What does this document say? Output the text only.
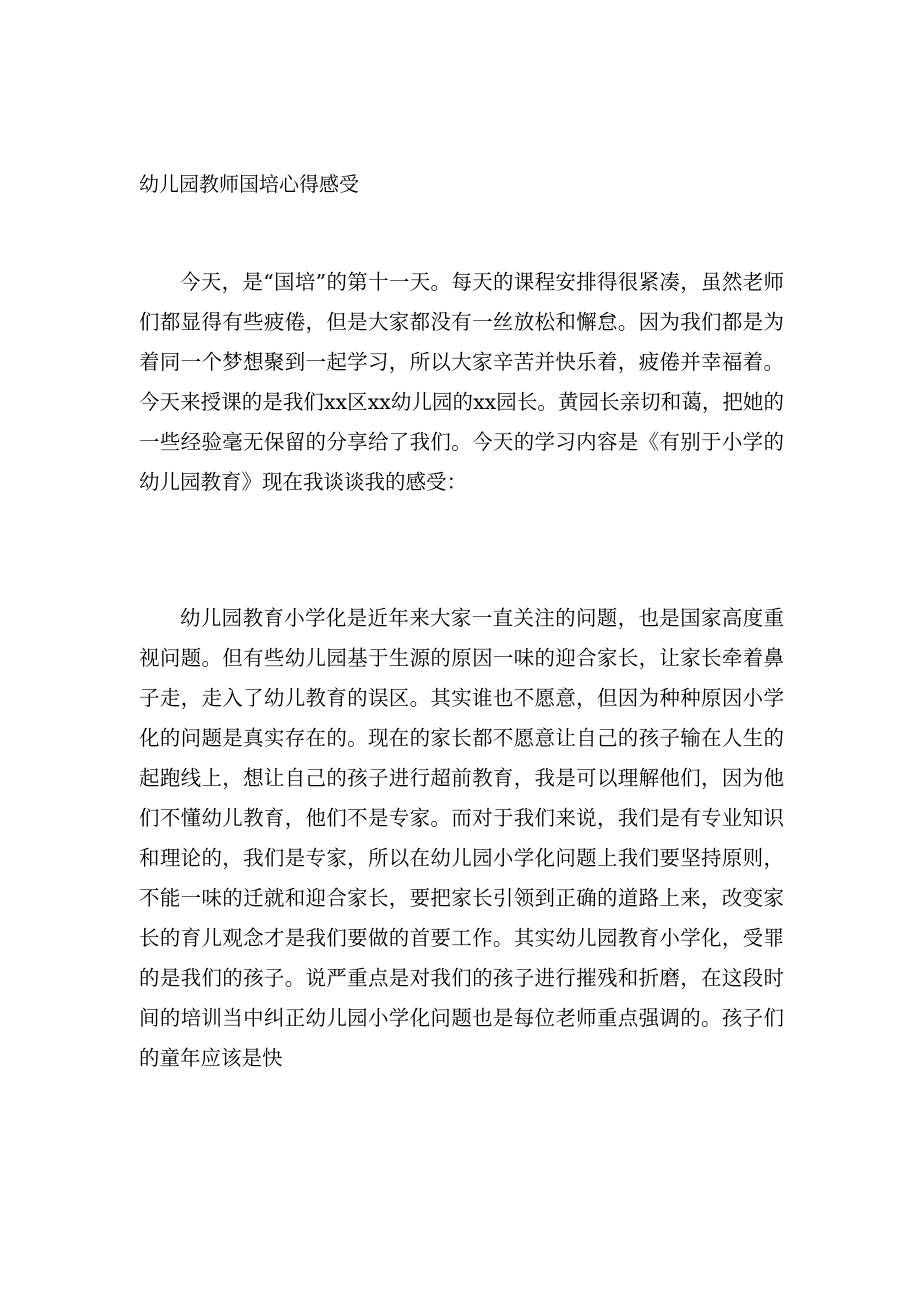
幼儿园教师国培心得感受

今天，是“国培”的第十一天。每天的课程安排得很紧凑，虽然老师们都显得有些疲倦，但是大家都没有一丝放松和懈怠。因为我们都是为着同一个梦想聚到一起学习，所以大家辛苦并快乐着，疲倦并幸福着。今天来授课的是我们xx区xx幼儿园的xx园长。黄园长亲切和蔼，把她的一些经验毫无保留的分享给了我们。今天的学习内容是《有别于小学的幼儿园教育》现在我谈谈我的感受：

幼儿园教育小学化是近年来大家一直关注的问题，也是国家高度重视问题。但有些幼儿园基于生源的原因一味的迎合家长，让家长牵着鼻子走，走入了幼儿教育的误区。其实谁也不愿意，但因为种种原因小学化的问题是真实存在的。现在的家长都不愿意让自己的孩子输在人生的起跑线上，想让自己的孩子进行超前教育，我是可以理解他们，因为他们不懂幼儿教育，他们不是专家。而对于我们来说，我们是有专业知识和理论的，我们是专家，所以在幼儿园小学化问题上我们要坚持原则，不能一味的迁就和迎合家长，要把家长引领到正确的道路上来，改变家长的育儿观念才是我们要做的首要工作。其实幼儿园教育小学化，受罪的是我们的孩子。说严重点是对我们的孩子进行摧残和折磨，在这段时间的培训当中纠正幼儿园小学化问题也是每位老师重点强调的。孩子们的童年应该是快
